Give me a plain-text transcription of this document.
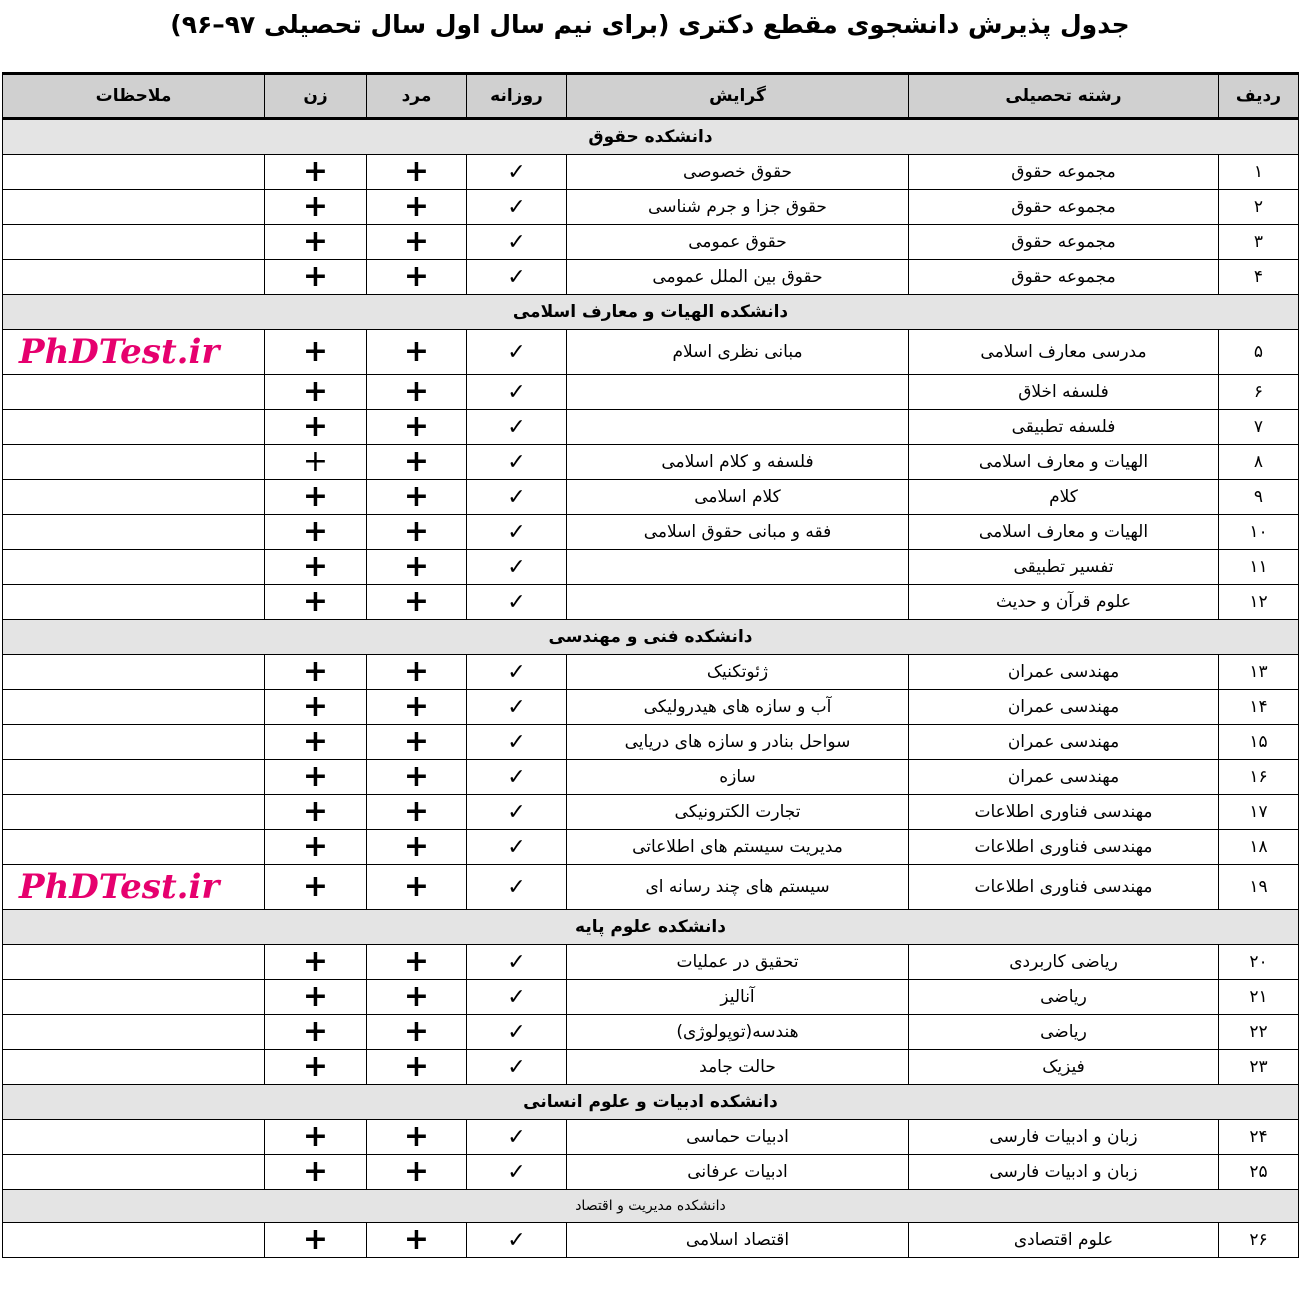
جدول پذیرش دانشجوی مقطع دکتری (برای نیم سال اول سال تحصیلی ۹۷–۹۶)
ردیف	رشته تحصیلی	گرایش	روزانه	مرد	زن	ملاحظات
دانشکده حقوق						
۱	مجموعه حقوق	حقوق خصوصی	✓	+	+	
۲	مجموعه حقوق	حقوق جزا و جرم شناسی	✓	+	+	
۳	مجموعه حقوق	حقوق عمومی	✓	+	+	
۴	مجموعه حقوق	حقوق بین الملل عمومی	✓	+	+	
دانشکده الهیات و معارف اسلامی						
۵	مدرسی معارف اسلامی	مبانی نظری اسلام	✓	+	+	PhDTest.ir
۶	فلسفه اخلاق		✓	+	+	
۷	فلسفه تطبیقی		✓	+	+	
۸	الهیات و معارف اسلامی	فلسفه و کلام اسلامی	✓	+	+	
۹	کلام	کلام اسلامی	✓	+	+	
۱۰	الهیات و معارف اسلامی	فقه و مبانی حقوق اسلامی	✓	+	+	
۱۱	تفسیر تطبیقی		✓	+	+	
۱۲	علوم قرآن و حدیث		✓	+	+	
دانشکده فنی و مهندسی						
۱۳	مهندسی عمران	ژئوتکنیک	✓	+	+	
۱۴	مهندسی عمران	آب و سازه های هیدرولیکی	✓	+	+	
۱۵	مهندسی عمران	سواحل بنادر و سازه های دریایی	✓	+	+	
۱۶	مهندسی عمران	سازه	✓	+	+	
۱۷	مهندسی فناوری اطلاعات	تجارت الکترونیکی	✓	+	+	
۱۸	مهندسی فناوری اطلاعات	مدیریت سیستم های اطلاعاتی	✓	+	+	
۱۹	مهندسی فناوری اطلاعات	سیستم های چند رسانه ای	✓	+	+	PhDTest.ir
دانشکده علوم پایه						
۲۰	ریاضی کاربردی	تحقیق در عملیات	✓	+	+	
۲۱	ریاضی	آنالیز	✓	+	+	
۲۲	ریاضی	هندسه(توپولوژی)	✓	+	+	
۲۳	فیزیک	حالت جامد	✓	+	+	
دانشکده ادبیات و علوم انسانی						
۲۴	زبان و ادبیات فارسی	ادبیات حماسی	✓	+	+	
۲۵	زبان و ادبیات فارسی	ادبیات عرفانی	✓	+	+	
دانشکده مدیریت و اقتصاد						
۲۶	علوم اقتصادی	اقتصاد اسلامی	✓	+	+	
